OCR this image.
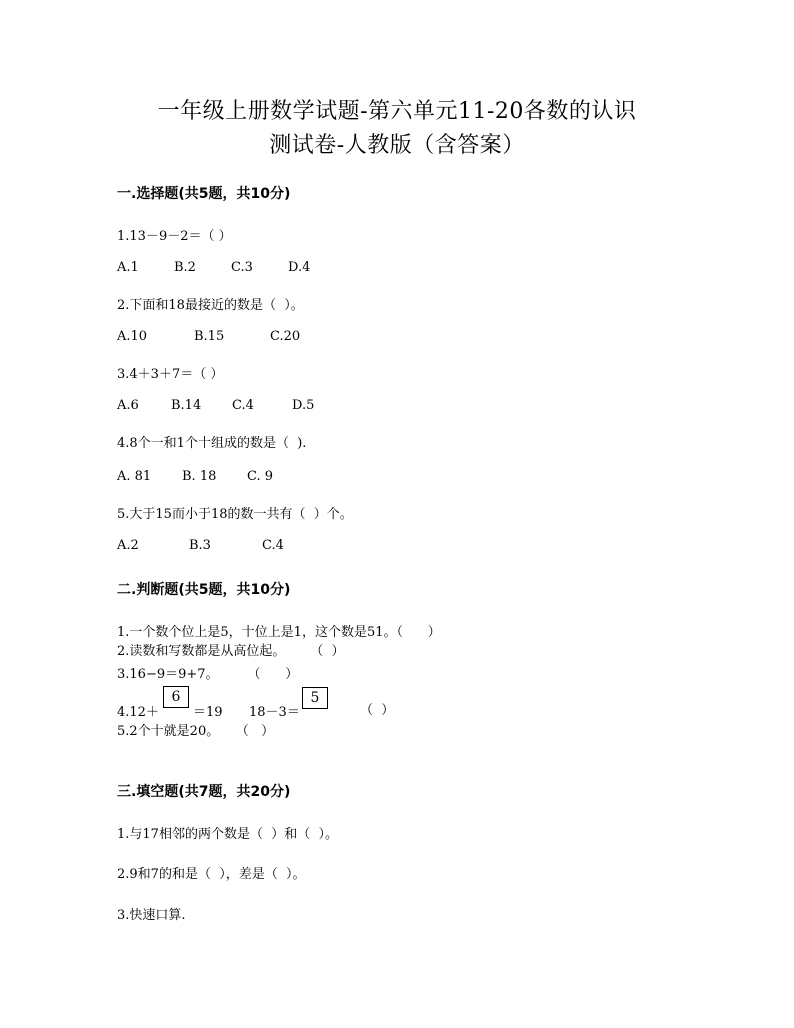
一年级上册数学试题-第六单元11-20各数的认识
测试卷-人教版（含答案）
一.选择题(共5题，共10分)
1.13－9－2＝（ ）
A.1	B.2	C.3	D.4
2.下面和18最接近的数是（  ）。
A.10	B.15	C.20
3.4＋3＋7＝（ ）
A.6 B.14 C.4	D.5
4.8个一和1个十组成的数是（  ).
A. 81 B. 18 C. 9
5.大于15而小于18的数一共有（  ）个。
A.2	B.3	C.4
二.判断题(共5题，共10分)
1.一个数个位上是5，十位上是1，这个数是51。（      ）
2.读数和写数都是从高位起。      （  ）
3.16−9＝9+7。       （      ）
4.12＋
6
＝19 18－3＝
5
（  ）
5.2个十就是20。    （   ）
三.填空题(共7题，共20分)
1.与17相邻的两个数是（  ）和（  ）。
2.9和7的和是（  ），差是（  ）。
3.快速口算.
